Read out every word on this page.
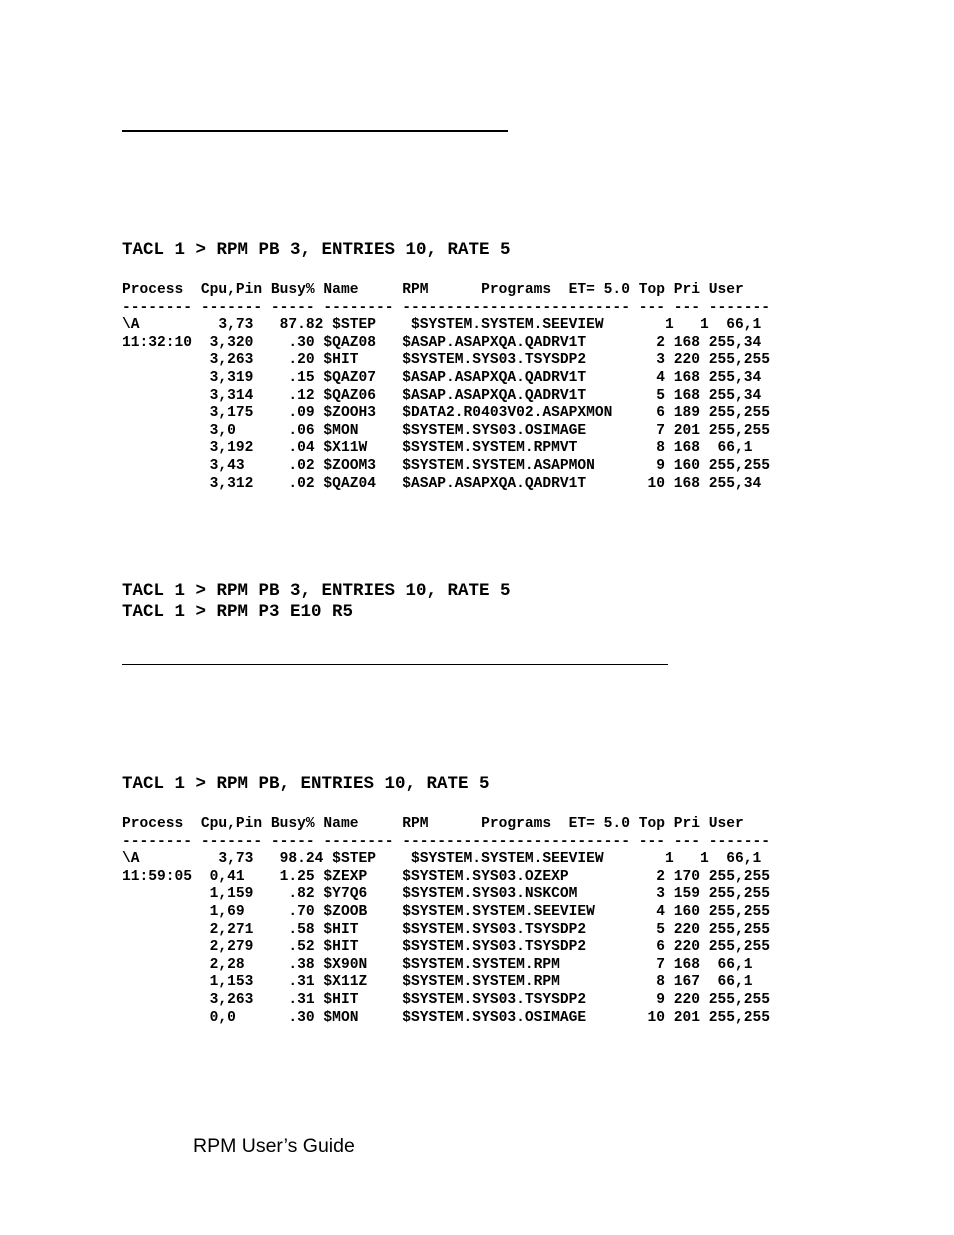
TACL 1 > RPM PB 3, ENTRIES 10, RATE 5
Process  Cpu,Pin Busy% Name     RPM      Programs  ET= 5.0 Top Pri User
-------- ------- ----- -------- -------------------------- --- --- -------
\A         3,73   87.82 $STEP    $SYSTEM.SYSTEM.SEEVIEW       1   1  66,1
11:32:10  3,320    .30 $QAZ08   $ASAP.ASAPXQA.QADRV1T        2 168 255,34
3,263    .20 $HIT     $SYSTEM.SYS03.TSYSDP2        3 220 255,255
3,319    .15 $QAZ07   $ASAP.ASAPXQA.QADRV1T        4 168 255,34
3,314    .12 $QAZ06   $ASAP.ASAPXQA.QADRV1T        5 168 255,34
3,175    .09 $ZOOH3   $DATA2.R0403V02.ASAPXMON     6 189 255,255
3,0      .06 $MON     $SYSTEM.SYS03.OSIMAGE        7 201 255,255
3,192    .04 $X11W    $SYSTEM.SYSTEM.RPMVT         8 168  66,1
3,43     .02 $ZOOM3   $SYSTEM.SYSTEM.ASAPMON       9 160 255,255
3,312    .02 $QAZ04   $ASAP.ASAPXQA.QADRV1T       10 168 255,34
TACL 1 > RPM PB 3, ENTRIES 10, RATE 5
TACL 1 > RPM P3 E10 R5
TACL 1 > RPM PB, ENTRIES 10, RATE 5
Process  Cpu,Pin Busy% Name     RPM      Programs  ET= 5.0 Top Pri User
-------- ------- ----- -------- -------------------------- --- --- -------
\A         3,73   98.24 $STEP    $SYSTEM.SYSTEM.SEEVIEW       1   1  66,1
11:59:05  0,41    1.25 $ZEXP    $SYSTEM.SYS03.OZEXP          2 170 255,255
1,159    .82 $Y7Q6    $SYSTEM.SYS03.NSKCOM         3 159 255,255
1,69     .70 $ZOOB    $SYSTEM.SYSTEM.SEEVIEW       4 160 255,255
2,271    .58 $HIT     $SYSTEM.SYS03.TSYSDP2        5 220 255,255
2,279    .52 $HIT     $SYSTEM.SYS03.TSYSDP2        6 220 255,255
2,28     .38 $X90N    $SYSTEM.SYSTEM.RPM           7 168  66,1
1,153    .31 $X11Z    $SYSTEM.SYSTEM.RPM           8 167  66,1
3,263    .31 $HIT     $SYSTEM.SYS03.TSYSDP2        9 220 255,255
0,0      .30 $MON     $SYSTEM.SYS03.OSIMAGE       10 201 255,255
RPM User’s Guide
